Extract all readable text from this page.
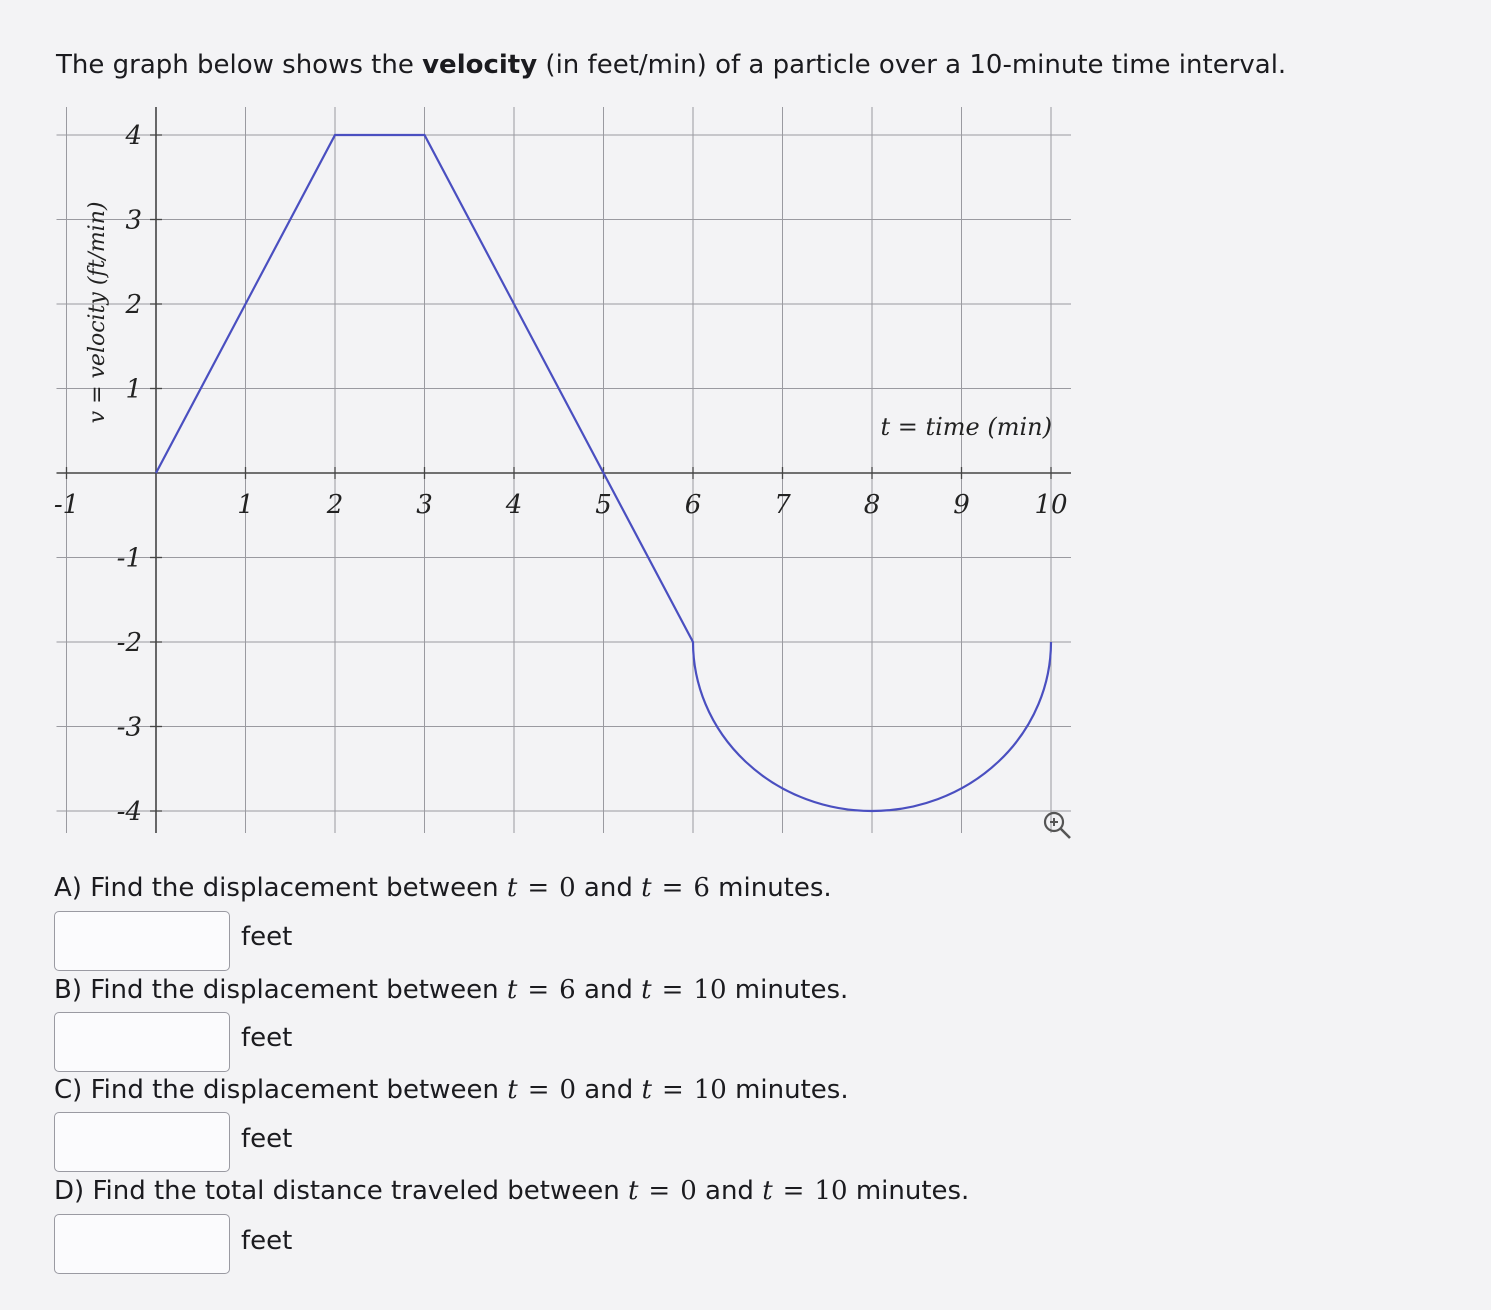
The graph below shows the velocity (in feet/min) of a particle over a 10-minute time interval.
-1	1	2	3	4	5	6	7	8	9 10
-4
-3
-2
-1
1
2
3
4
v = velocity (ft/min)
t = time (min)
A) Find the displacement between t = 0 and t = 6 minutes.
feet
B) Find the displacement between t = 6 and t = 10 minutes.
feet
C) Find the displacement between t = 0 and t = 10 minutes.
feet
D) Find the total distance traveled between t = 0 and t = 10 minutes.
feet
